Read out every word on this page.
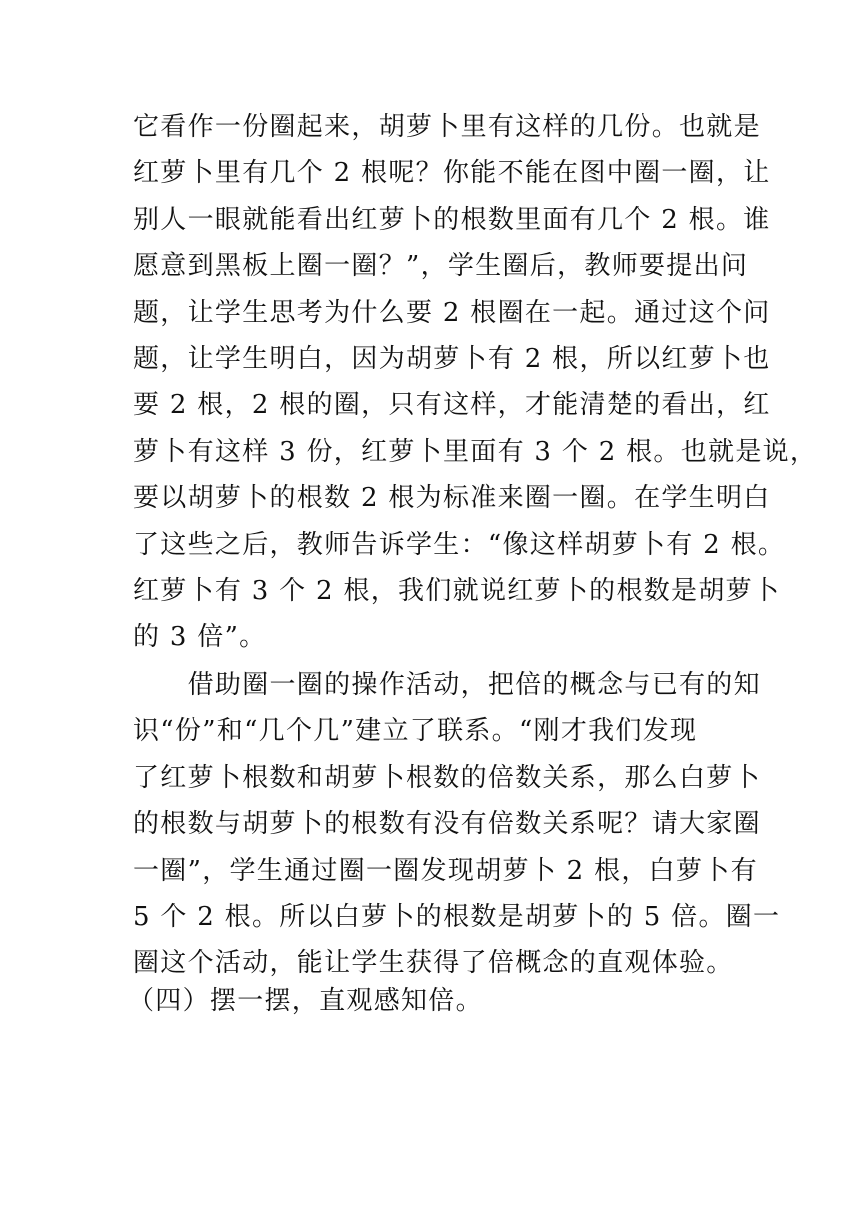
它看作一份圈起来，胡萝卜里有这样的几份。也就是
红萝卜里有几个 2 根呢？你能不能在图中圈一圈，让
别人一眼就能看出红萝卜的根数里面有几个 2 根。谁
愿意到黑板上圈一圈？”，学生圈后，教师要提出问
题，让学生思考为什么要 2 根圈在一起。通过这个问
题，让学生明白，因为胡萝卜有 2 根，所以红萝卜也
要 2 根，2 根的圈，只有这样，才能清楚的看出，红
萝卜有这样 3 份，红萝卜里面有 3 个 2 根。也就是说，
要以胡萝卜的根数 2 根为标准来圈一圈。在学生明白
了这些之后，教师告诉学生：“像这样胡萝卜有 2 根。
红萝卜有 3 个 2 根，我们就说红萝卜的根数是胡萝卜
的 3 倍”。
　　借助圈一圈的操作活动，把倍的概念与已有的知
识“份”和“几个几”建立了联系。“刚才我们发现
了红萝卜根数和胡萝卜根数的倍数关系，那么白萝卜
的根数与胡萝卜的根数有没有倍数关系呢？请大家圈
一圈”，学生通过圈一圈发现胡萝卜 2 根，白萝卜有
5 个 2 根。所以白萝卜的根数是胡萝卜的 5 倍。圈一
圈这个活动，能让学生获得了倍概念的直观体验。
（四）摆一摆，直观感知倍。
